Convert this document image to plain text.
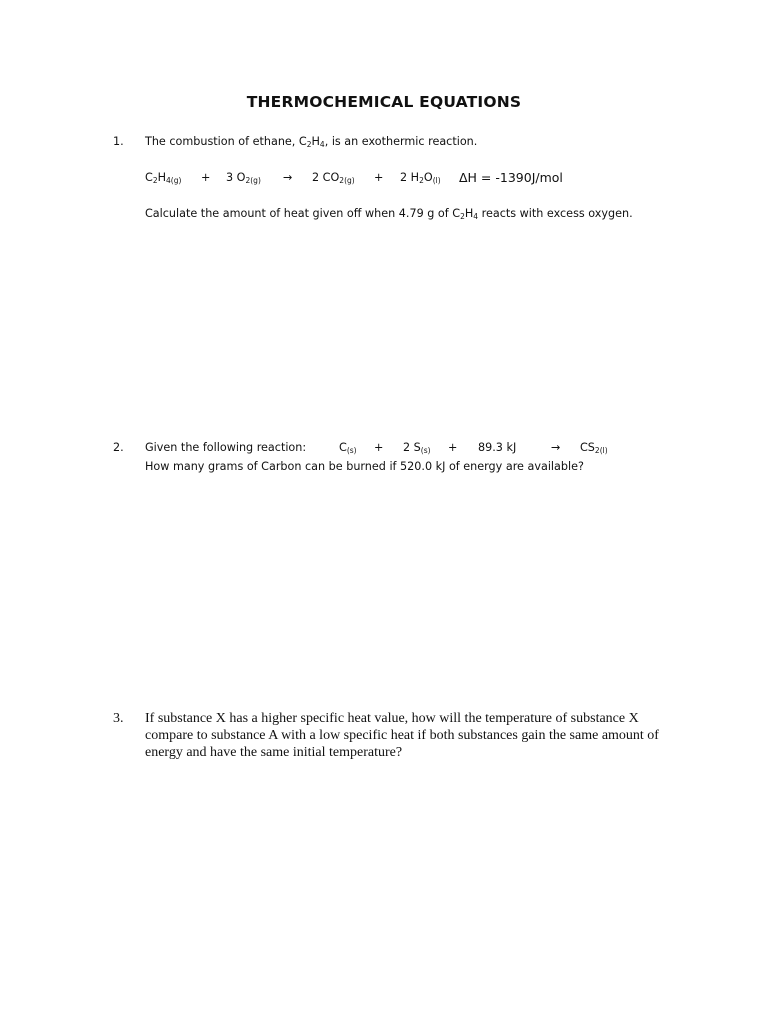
THERMOCHEMICAL EQUATIONS
1. The combustion of ethane, $C_2H_4$, is an exothermic reaction.
$C_2H_{4(g)} + 3$ $O_{2(g)} \to 2$ $CO_{2(g)} + 2$ $H_2O_{(l)}$ ΔH = -1390J/mol
Calculate the amount of heat given off when 4.79 g of $C_2H_4$ reacts with excess oxygen.
2. Given the following reaction:	$C_{(s)} + 2$ $S_{(s)} + 89.3$ kJ	→ $CS_{2(l)}$
How many grams of Carbon can be burned if 520.0 kJ of energy are available?
3. If substance X has a higher specific heat value, how will the temperature of substance X
compare to substance A with a low specific heat if both substances gain the same amount of
energy and have the same initial temperature?
